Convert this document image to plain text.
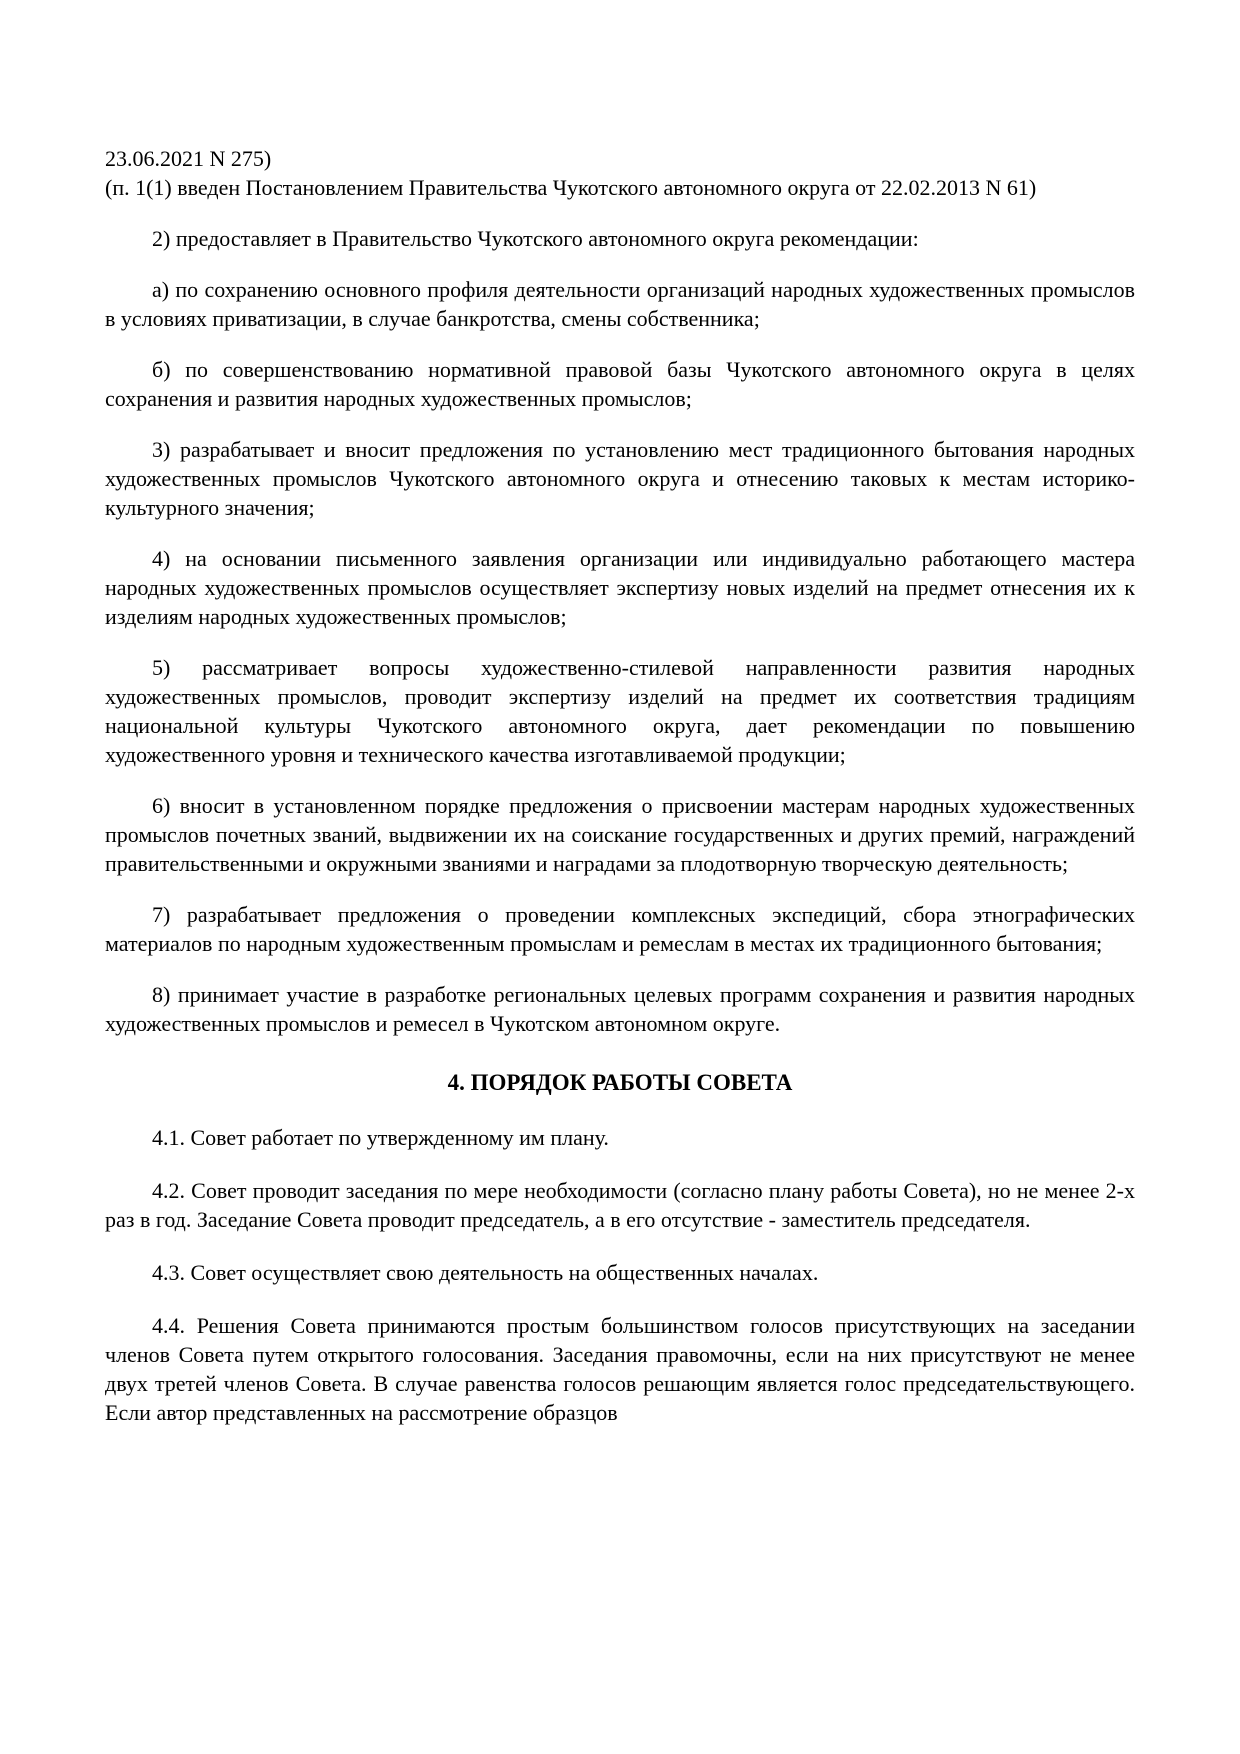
23.06.2021 N 275)

(п. 1(1) введен Постановлением Правительства Чукотского автономного округа от 22.02.2013 N 61)

2) предоставляет в Правительство Чукотского автономного округа рекомендации:

а) по сохранению основного профиля деятельности организаций народных художественных промыслов в условиях приватизации, в случае банкротства, смены собственника;

б) по совершенствованию нормативной правовой базы Чукотского автономного округа в целях сохранения и развития народных художественных промыслов;

3) разрабатывает и вносит предложения по установлению мест традиционного бытования народных художественных промыслов Чукотского автономного округа и отнесению таковых к местам историко-культурного значения;

4) на основании письменного заявления организации или индивидуально работающего мастера народных художественных промыслов осуществляет экспертизу новых изделий на предмет отнесения их к изделиям народных художественных промыслов;

5) рассматривает вопросы художественно-стилевой направленности развития народных художественных промыслов, проводит экспертизу изделий на предмет их соответствия традициям национальной культуры Чукотского автономного округа, дает рекомендации по повышению художественного уровня и технического качества изготавливаемой продукции;

6) вносит в установленном порядке предложения о присвоении мастерам народных художественных промыслов почетных званий, выдвижении их на соискание государственных и других премий, награждений правительственными и окружными званиями и наградами за плодотворную творческую деятельность;

7) разрабатывает предложения о проведении комплексных экспедиций, сбора этнографических материалов по народным художественным промыслам и ремеслам в местах их традиционного бытования;

8) принимает участие в разработке региональных целевых программ сохранения и развития народных художественных промыслов и ремесел в Чукотском автономном округе.

4. ПОРЯДОК РАБОТЫ СОВЕТА

4.1. Совет работает по утвержденному им плану.

4.2. Совет проводит заседания по мере необходимости (согласно плану работы Совета), но не менее 2-х раз в год. Заседание Совета проводит председатель, а в его отсутствие - заместитель председателя.

4.3. Совет осуществляет свою деятельность на общественных началах.

4.4. Решения Совета принимаются простым большинством голосов присутствующих на заседании членов Совета путем открытого голосования. Заседания правомочны, если на них присутствуют не менее двух третей членов Совета. В случае равенства голосов решающим является голос председательствующего. Если автор представленных на рассмотрение образцов
